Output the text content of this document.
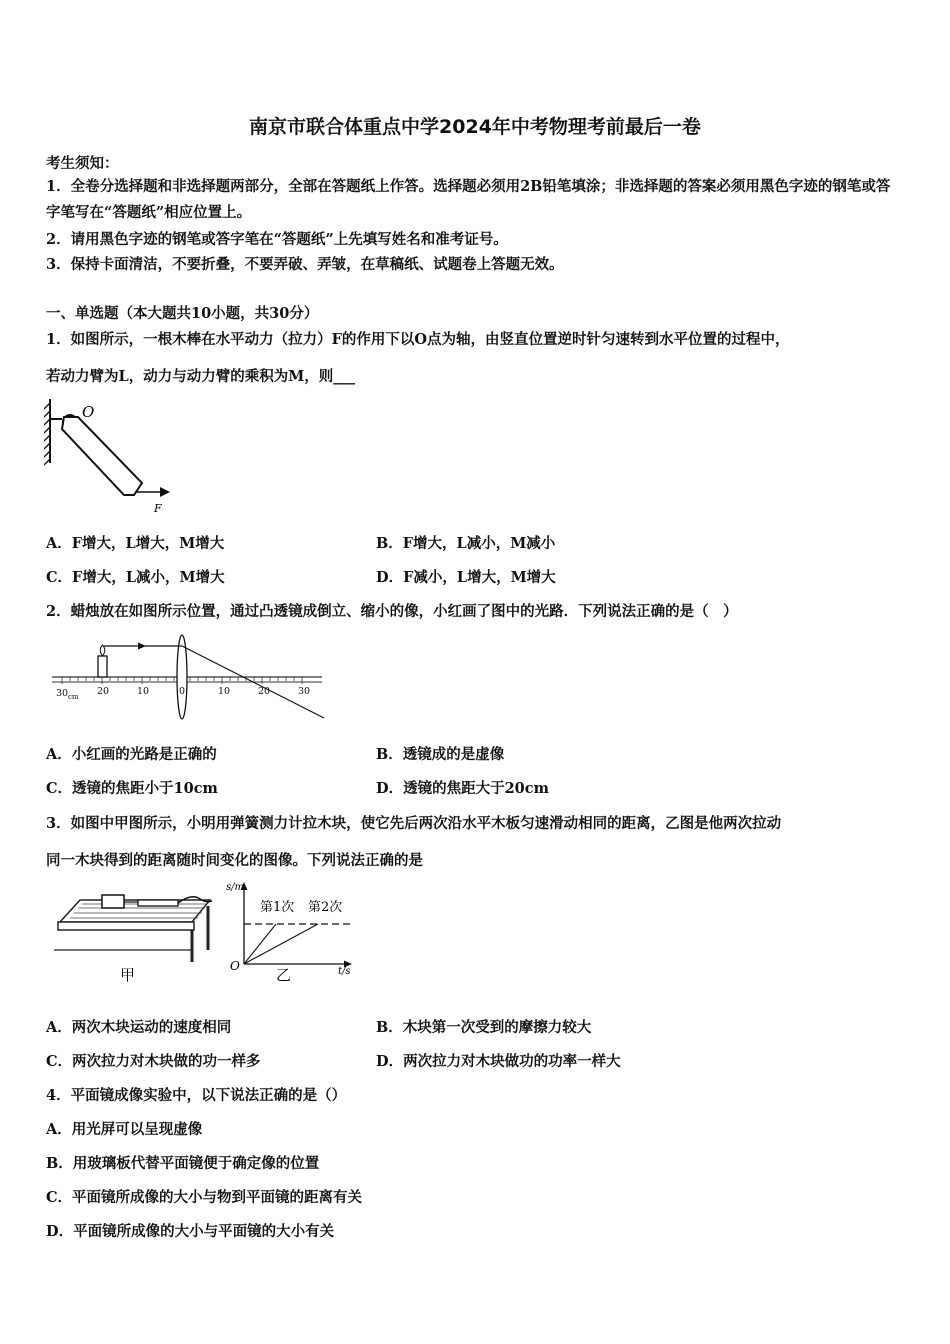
南京市联合体重点中学2024年中考物理考前最后一卷
考生须知：
1．全卷分选择题和非选择题两部分，全部在答题纸上作答。选择题必须用2B铅笔填涂；非选择题的答案必须用黑色字迹的钢笔或答字笔写在“答题纸”相应位置上。
2．请用黑色字迹的钢笔或答字笔在“答题纸”上先填写姓名和准考证号。
3．保持卡面清洁，不要折叠，不要弄破、弄皱，在草稿纸、试题卷上答题无效。
一、单选题（本大题共10小题，共30分）
1．如图所示，一根木棒在水平动力（拉力）F的作用下以O点为轴，由竖直位置逆时针匀速转到水平位置的过程中，
若动力臂为L，动力与动力臂的乘积为M，则___
O
F
A．F增大，L增大，M增大	B．F增大，L减小，M减小
C．F增大，L减小，M增大	D．F减小，L增大，M增大
2．蜡烛放在如图所示位置，通过凸透镜成倒立、缩小的像，小红画了图中的光路．下列说法正确的是（　）
30 cm 20	10	0	10	20	30
A．小红画的光路是正确的	B．透镜成的是虚像
C．透镜的焦距小于10cm	D．透镜的焦距大于20cm
3．如图中甲图所示，小明用弹簧测力计拉木块，使它先后两次沿水平木板匀速滑动相同的距离，乙图是他两次拉动
同一木块得到的距离随时间变化的图像。下列说法正确的是
甲
s/m
t/s
O
第1次 第2次
乙
A．两次木块运动的速度相同	B．木块第一次受到的摩擦力较大
C．两次拉力对木块做的功一样多	D．两次拉力对木块做功的功率一样大
4．平面镜成像实验中，以下说法正确的是（）
A．用光屏可以呈现虚像
B．用玻璃板代替平面镜便于确定像的位置
C．平面镜所成像的大小与物到平面镜的距离有关
D．平面镜所成像的大小与平面镜的大小有关
